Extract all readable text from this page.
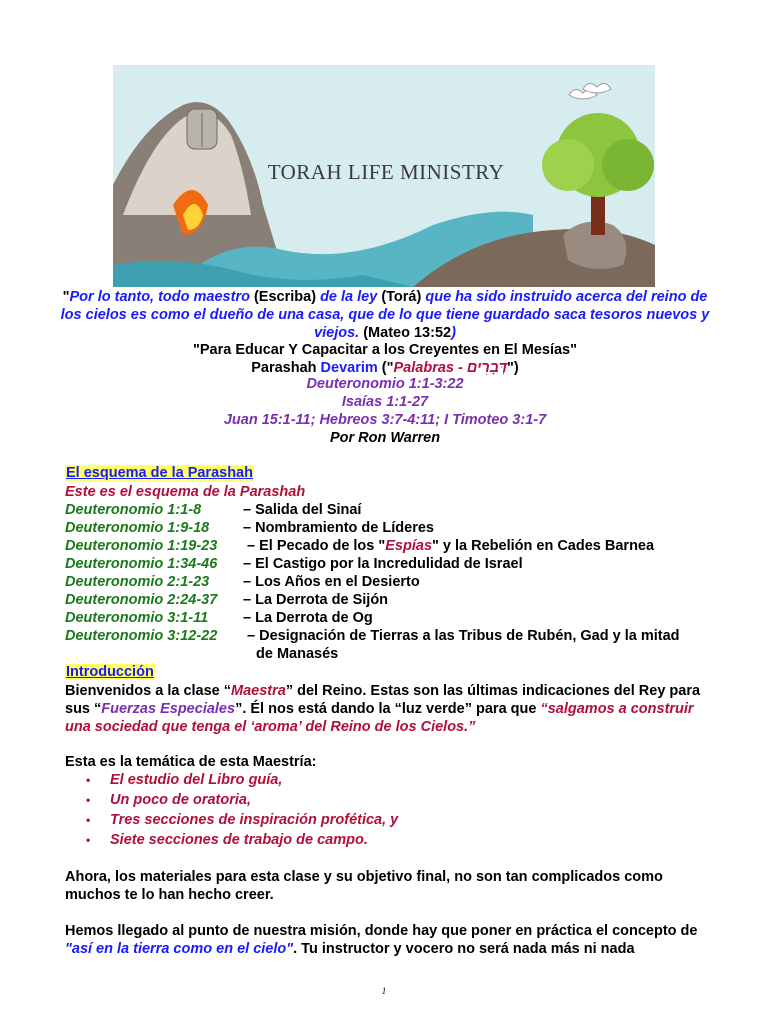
TORAH LIFE MINISTRY
"Por lo tanto, todo maestro (Escriba) de la ley (Torá) que ha sido instruido acerca del reino de los cielos es como el dueño de una casa, que de lo que tiene guardado saca tesoros nuevos y viejos. (Mateo 13:52)
"Para Educar Y Capacitar a los Creyentes en El Mesías"
Parashah Devarim ("Palabras - דְּבָרִים")
Deuteronomio 1:1-3:22
Isaías 1:1-27
Juan 15:1-11; Hebreos 3:7-4:11; I Timoteo 3:1-7
Por Ron Warren
El esquema de la Parashah
Este es el esquema de la Parashah
Deuteronomio 1:1-8	– Salida del Sinaí
Deuteronomio 1:9-18 – Nombramiento de Líderes
Deuteronomio 1:19-23 – El Pecado de los "Espías" y la Rebelión en Cades Barnea
Deuteronomio 1:34-46 – El Castigo por la Incredulidad de Israel
Deuteronomio 2:1-23 – Los Años en el Desierto
Deuteronomio 2:24-37 – La Derrota de Sijón
Deuteronomio 3:1-11 – La Derrota de Og
Deuteronomio 3:12-22 – Designación de Tierras a las Tribus de Rubén, Gad y la mitad
de Manasés
Introducción
Bienvenidos a la clase “Maestra” del Reino. Estas son las últimas indicaciones del Rey para sus “Fuerzas Especiales”. Él nos está dando la “luz verde” para que “salgamos a construir una sociedad que tenga el ‘aroma’ del Reino de los Cielos.”
Esta es la temática de esta Maestría:
• El estudio del Libro guía,
• Un poco de oratoria,
• Tres secciones de inspiración profética, y
• Siete secciones de trabajo de campo.
Ahora, los materiales para esta clase y su objetivo final, no son tan complicados como muchos te lo han hecho creer.
Hemos llegado al punto de nuestra misión, donde hay que poner en práctica el concepto de "así en la tierra como en el cielo". Tu instructor y vocero no será nada más ni nada
1
